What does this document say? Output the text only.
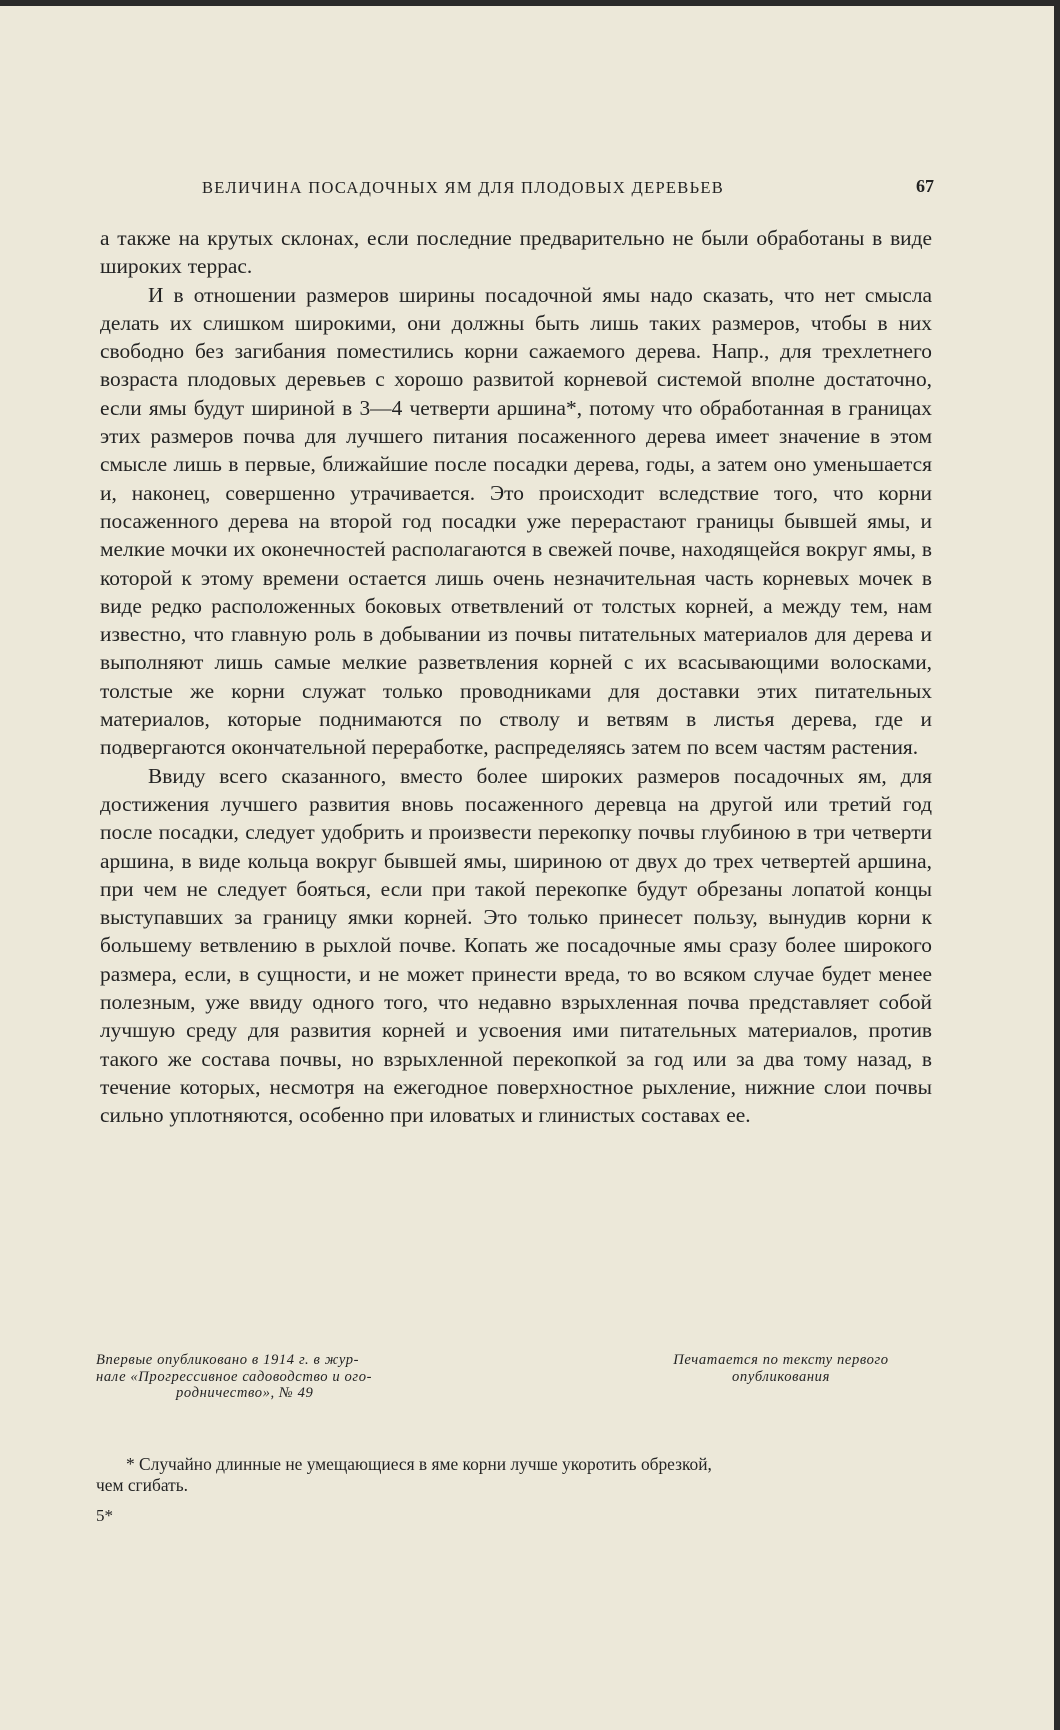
ВЕЛИЧИНА ПОСАДОЧНЫХ ЯМ ДЛЯ ПЛОДОВЫХ ДЕРЕВЬЕВ	67

а также на крутых склонах, если последние предварительно не были обработаны в виде широких террас.

И в отношении размеров ширины посадочной ямы надо сказать, что нет смысла делать их слишком широкими, они должны быть лишь таких размеров, чтобы в них свободно без загибания поместились корни сажаемого дерева. Напр., для трехлетнего возраста плодовых деревьев с хорошо развитой корневой системой вполне достаточно, если ямы будут шириной в 3—4 четверти аршина*, потому что обработанная в границах этих размеров почва для лучшего питания посаженного дерева имеет значение в этом смысле лишь в первые, ближайшие после посадки дерева, годы, а затем оно уменьшается и, наконец, совершенно утрачивается. Это происходит вследствие того, что корни посаженного дерева на второй год посадки уже перерастают границы бывшей ямы, и мелкие мочки их оконечностей располагаются в свежей почве, находящейся вокруг ямы, в которой к этому времени остается лишь очень незначительная часть корневых мочек в виде редко расположенных боковых ответвлений от толстых корней, а между тем, нам известно, что главную роль в добывании из почвы питательных материалов для дерева и выполняют лишь самые мелкие разветвления корней с их всасывающими волосками, толстые же корни служат только проводниками для доставки этих питательных материалов, которые поднимаются по стволу и ветвям в листья дерева, где и подвергаются окончательной переработке, распределяясь затем по всем частям растения.

Ввиду всего сказанного, вместо более широких размеров посадочных ям, для достижения лучшего развития вновь посаженного деревца на другой или третий год после посадки, следует удобрить и произвести перекопку почвы глубиною в три четверти аршина, в виде кольца вокруг бывшей ямы, шириною от двух до трех четвертей аршина, при чем не следует бояться, если при такой перекопке будут обрезаны лопатой концы выступавших за границу ямки корней. Это только принесет пользу, вынудив корни к большему ветвлению в рыхлой почве. Копать же посадочные ямы сразу более широкого размера, если, в сущности, и не может принести вреда, то во всяком случае будет менее полезным, уже ввиду одного того, что недавно взрыхленная почва представляет собой лучшую среду для развития корней и усвоения ими питательных материалов, против такого же состава почвы, но взрыхленной перекопкой за год или за два тому назад, в течение которых, несмотря на ежегодное поверхностное рыхление, нижние слои почвы сильно уплотняются, особенно при иловатых и глинистых составах ее.

Впервые опубликовано в 1914 г. в жур-
нале «Прогрессивное садоводство и ого-
родничество», № 49
Печатается по тексту первого
опубликования
* Случайно длинные не умещающиеся в яме корни лучше укоротить обрезкой,
чем сгибать.
5*
